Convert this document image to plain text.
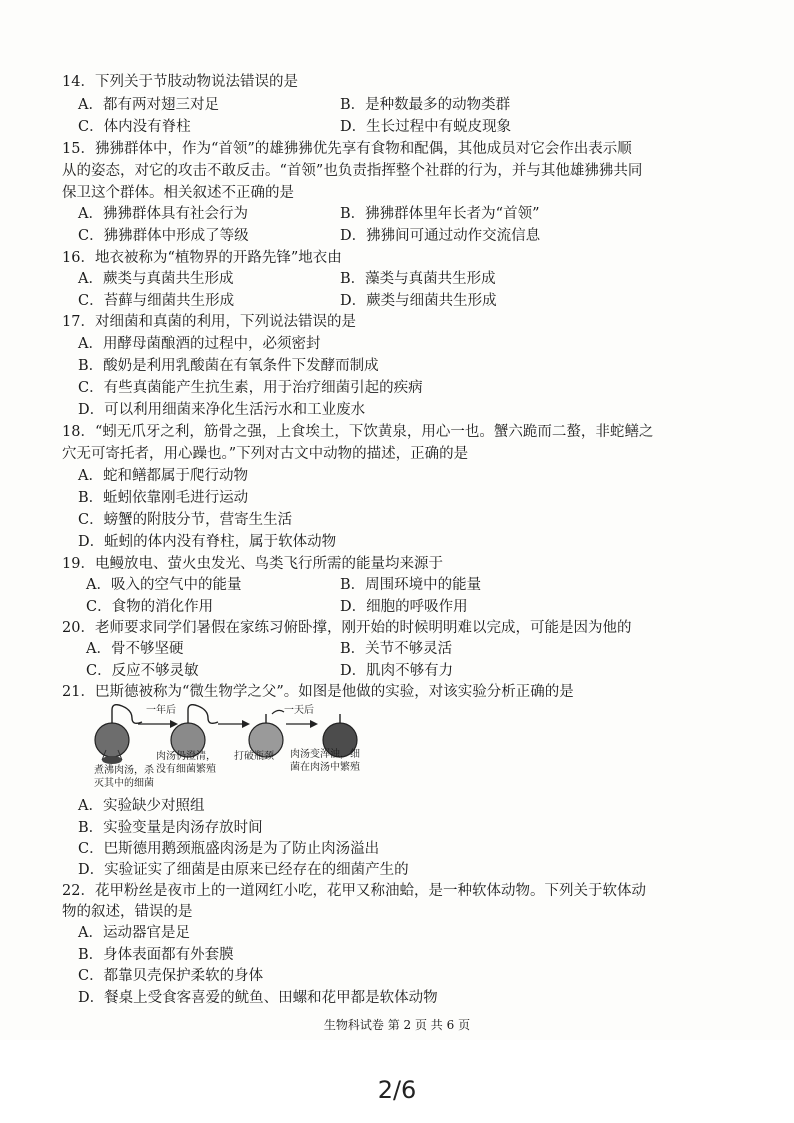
14．下列关于节肢动物说法错误的是
A．都有两对翅三对足	B．是种数最多的动物类群
C．体内没有脊柱	D．生长过程中有蜕皮现象
15．狒狒群体中，作为“首领”的雄狒狒优先享有食物和配偶，其他成员对它会作出表示顺
从的姿态，对它的攻击不敢反击。“首领”也负责指挥整个社群的行为，并与其他雄狒狒共同
保卫这个群体。相关叙述不正确的是
A．狒狒群体具有社会行为	B．狒狒群体里年长者为“首领”
C．狒狒群体中形成了等级	D．狒狒间可通过动作交流信息
16．地衣被称为“植物界的开路先锋”地衣由
A．蕨类与真菌共生形成	B．藻类与真菌共生形成
C．苔藓与细菌共生形成	D．蕨类与细菌共生形成
17．对细菌和真菌的利用，下列说法错误的是
A．用酵母菌酿酒的过程中，必须密封
B．酸奶是利用乳酸菌在有氧条件下发酵而制成
C．有些真菌能产生抗生素，用于治疗细菌引起的疾病
D．可以利用细菌来净化生活污水和工业废水
18．“蚓无爪牙之利，筋骨之强，上食埃土，下饮黄泉，用心一也。蟹六跪而二螯，非蛇鳝之
穴无可寄托者，用心躁也。”下列对古文中动物的描述，正确的是
A．蛇和鳝都属于爬行动物
B．蚯蚓依靠刚毛进行运动
C．螃蟹的附肢分节，营寄生生活
D．蚯蚓的体内没有脊柱，属于软体动物
19．电鳗放电、萤火虫发光、鸟类飞行所需的能量均来源于
A．吸入的空气中的能量	B．周围环境中的能量
C．食物的消化作用	D．细胞的呼吸作用
20．老师要求同学们暑假在家练习俯卧撑，刚开始的时候明明难以完成，可能是因为他的
A．骨不够坚硬	B．关节不够灵活
C．反应不够灵敏	D．肌肉不够有力
21．巴斯德被称为“微生物学之父”。如图是他做的实验，对该实验分析正确的是
一年后	一天后
煮沸肉汤，杀
灭其中的细菌
肉汤仍澄清，
没有细菌繁殖
打破瓶颈 肉汤变浑浊，细
菌在肉汤中繁殖
A．实验缺少对照组
B．实验变量是肉汤存放时间
C．巴斯德用鹅颈瓶盛肉汤是为了防止肉汤溢出
D．实验证实了细菌是由原来已经存在的细菌产生的
22．花甲粉丝是夜市上的一道网红小吃，花甲又称油蛤，是一种软体动物。下列关于软体动
物的叙述，错误的是
A．运动器官是足
B．身体表面都有外套膜
C．都靠贝壳保护柔软的身体
D．餐桌上受食客喜爱的鱿鱼、田螺和花甲都是软体动物
生物科试卷 第 2 页 共 6 页
2/6
